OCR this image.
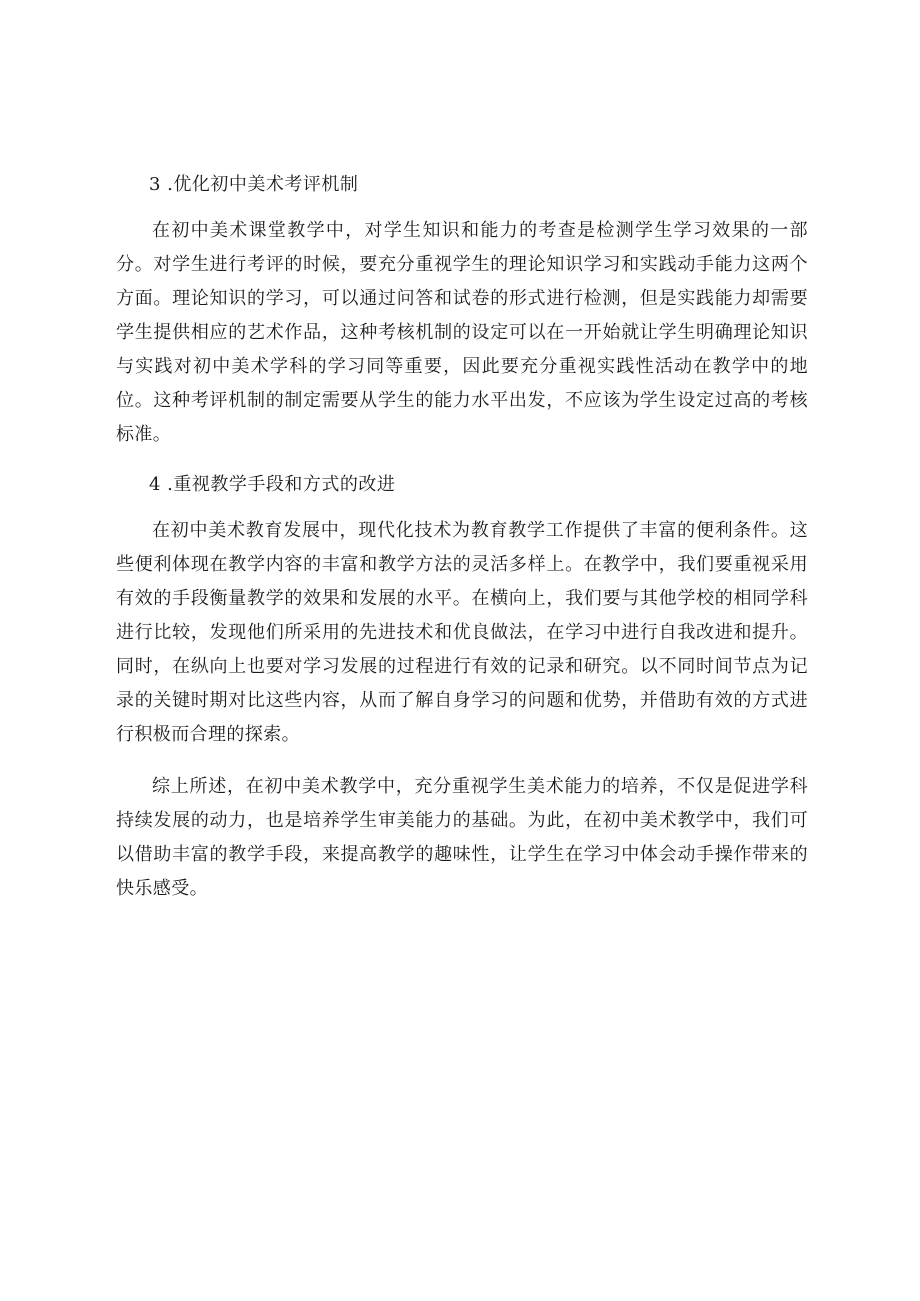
3 .优化初中美术考评机制

在初中美术课堂教学中，对学生知识和能力的考查是检测学生学习效果的一部分。对学生进行考评的时候，要充分重视学生的理论知识学习和实践动手能力这两个方面。理论知识的学习，可以通过问答和试卷的形式进行检测，但是实践能力却需要学生提供相应的艺术作品，这种考核机制的设定可以在一开始就让学生明确理论知识与实践对初中美术学科的学习同等重要，因此要充分重视实践性活动在教学中的地位。这种考评机制的制定需要从学生的能力水平出发，不应该为学生设定过高的考核标准。

4 .重视教学手段和方式的改进

在初中美术教育发展中，现代化技术为教育教学工作提供了丰富的便利条件。这些便利体现在教学内容的丰富和教学方法的灵活多样上。在教学中，我们要重视采用有效的手段衡量教学的效果和发展的水平。在横向上，我们要与其他学校的相同学科进行比较，发现他们所采用的先进技术和优良做法，在学习中进行自我改进和提升。同时，在纵向上也要对学习发展的过程进行有效的记录和研究。以不同时间节点为记录的关键时期对比这些内容，从而了解自身学习的问题和优势，并借助有效的方式进行积极而合理的探索。

综上所述，在初中美术教学中，充分重视学生美术能力的培养，不仅是促进学科持续发展的动力，也是培养学生审美能力的基础。为此，在初中美术教学中，我们可以借助丰富的教学手段，来提高教学的趣味性，让学生在学习中体会动手操作带来的快乐感受。
